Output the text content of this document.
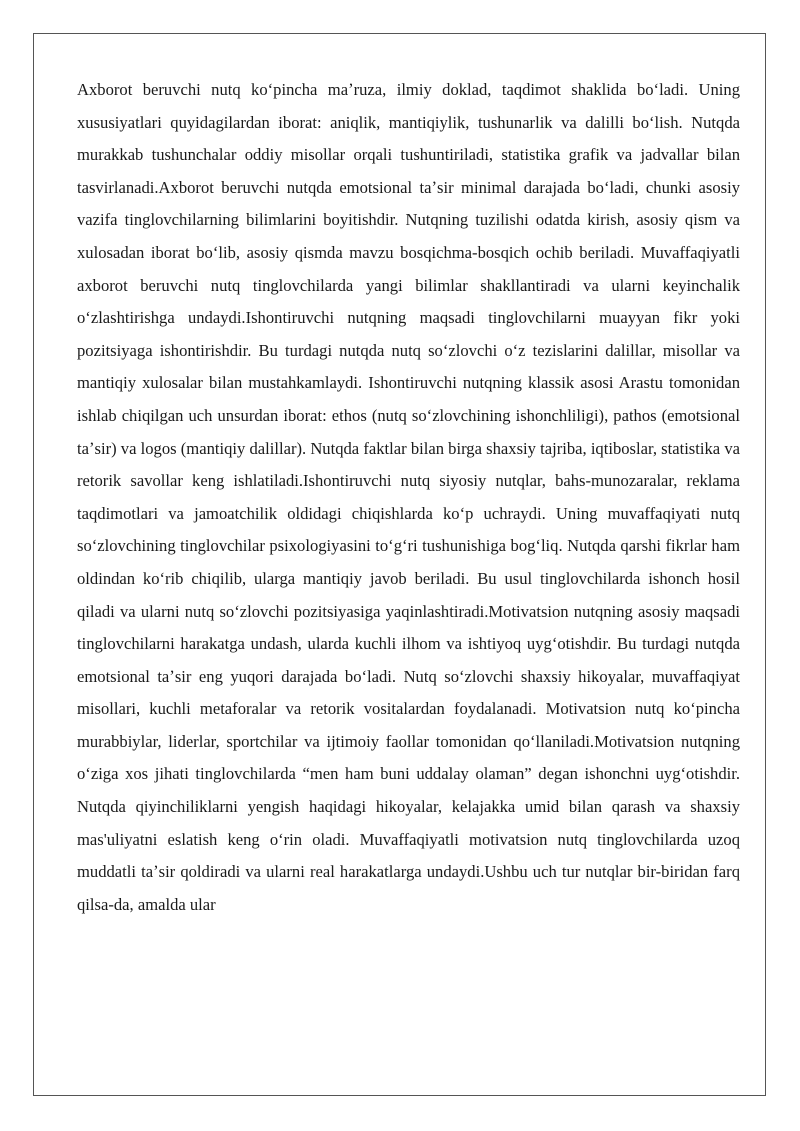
Axborot beruvchi nutq koʻpincha maʼruza, ilmiy doklad, taqdimot shaklida boʻladi. Uning xususiyatlari quyidagilardan iborat: aniqlik, mantiqiylik, tushunarlik va dalilli boʻlish. Nutqda murakkab tushunchalar oddiy misollar orqali tushuntiriladi, statistika grafik va jadvallar bilan tasvirlanadi.Axborot beruvchi nutqda emotsional taʼsir minimal darajada boʻladi, chunki asosiy vazifa tinglovchilarning bilimlarini boyitishdir. Nutqning tuzilishi odatda kirish, asosiy qism va xulosadan iborat boʻlib, asosiy qismda mavzu bosqichma-bosqich ochib beriladi. Muvaffaqiyatli axborot beruvchi nutq tinglovchilarda yangi bilimlar shakllantiradi va ularni keyinchalik oʻzlashtirishga undaydi.Ishontiruvchi nutqning maqsadi tinglovchilarni muayyan fikr yoki pozitsiyaga ishontirishdir. Bu turdagi nutqda nutq soʻzlovchi oʻz tezislarini dalillar, misollar va mantiqiy xulosalar bilan mustahkamlaydi. Ishontiruvchi nutqning klassik asosi Arastu tomonidan ishlab chiqilgan uch unsurdan iborat: ethos (nutq soʻzlovchining ishonchliligi), pathos (emotsional taʼsir) va logos (mantiqiy dalillar). Nutqda faktlar bilan birga shaxsiy tajriba, iqtiboslar, statistika va retorik savollar keng ishlatiladi.Ishontiruvchi nutq siyosiy nutqlar, bahs-munozaralar, reklama taqdimotlari va jamoatchilik oldidagi chiqishlarda koʻp uchraydi. Uning muvaffaqiyati nutq soʻzlovchining tinglovchilar psixologiyasini toʻgʻri tushunishiga bogʻliq. Nutqda qarshi fikrlar ham oldindan koʻrib chiqilib, ularga mantiqiy javob beriladi. Bu usul tinglovchilarda ishonch hosil qiladi va ularni nutq soʻzlovchi pozitsiyasiga yaqinlashtiradi.Motivatsion nutqning asosiy maqsadi tinglovchilarni harakatga undash, ularda kuchli ilhom va ishtiyoq uygʻotishdir. Bu turdagi nutqda emotsional taʼsir eng yuqori darajada boʻladi. Nutq soʻzlovchi shaxsiy hikoyalar, muvaffaqiyat misollari, kuchli metaforalar va retorik vositalardan foydalanadi. Motivatsion nutq koʻpincha murabbiylar, liderlar, sportchilar va ijtimoiy faollar tomonidan qoʻllaniladi.Motivatsion nutqning oʻziga xos jihati tinglovchilarda “men ham buni uddalay olaman” degan ishonchni uygʻotishdir. Nutqda qiyinchiliklarni yengish haqidagi hikoyalar, kelajakka umid bilan qarash va shaxsiy mas'uliyatni eslatish keng oʻrin oladi. Muvaffaqiyatli motivatsion nutq tinglovchilarda uzoq muddatli taʼsir qoldiradi va ularni real harakatlarga undaydi.Ushbu uch tur nutqlar bir-biridan farq qilsa-da, amalda ular
